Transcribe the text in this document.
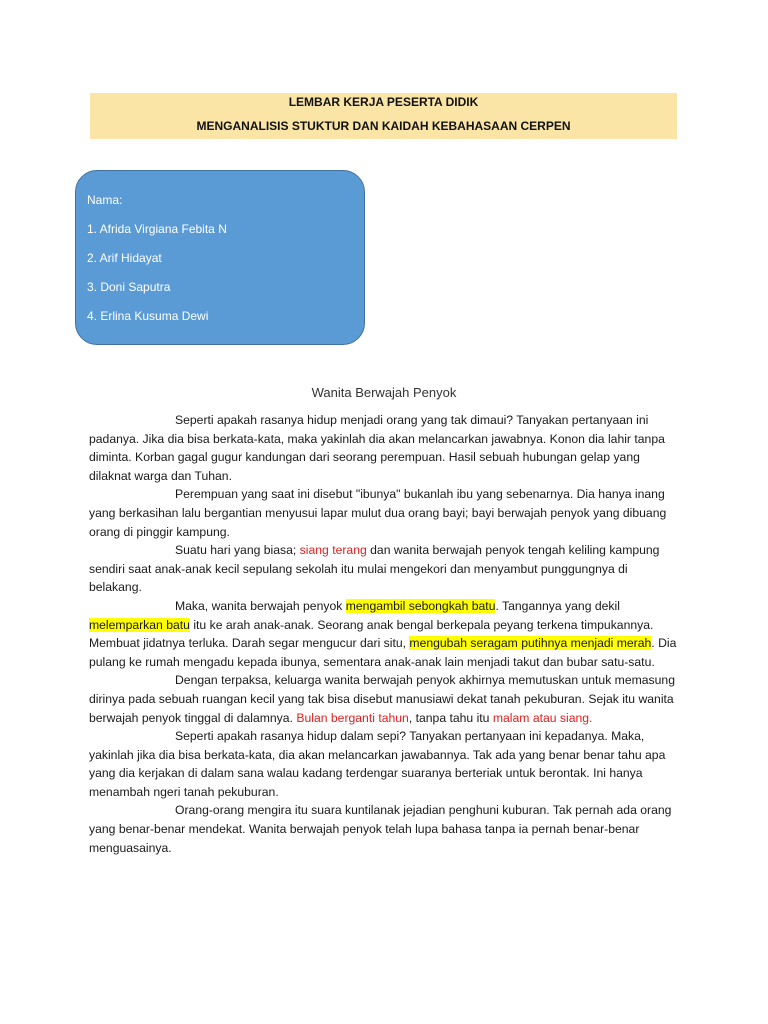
LEMBAR KERJA PESERTA DIDIK
MENGANALISIS STUKTUR DAN KAIDAH KEBAHASAAN CERPEN
Nama:
1. Afrida Virgiana Febita N
2. Arif Hidayat
3. Doni Saputra
4. Erlina Kusuma Dewi
Wanita Berwajah Penyok

Seperti apakah rasanya hidup menjadi orang yang tak dimaui? Tanyakan pertanyaan ini padanya. Jika dia bisa berkata-kata, maka yakinlah dia akan melancarkan jawabnya. Konon dia lahir tanpa diminta. Korban gagal gugur kandungan dari seorang perempuan. Hasil sebuah hubungan gelap yang dilaknat warga dan Tuhan.

Perempuan yang saat ini disebut "ibunya" bukanlah ibu yang sebenarnya. Dia hanya inang yang berkasihan lalu bergantian menyusui lapar mulut dua orang bayi; bayi berwajah penyok yang dibuang orang di pinggir kampung.

Suatu hari yang biasa; siang terang dan wanita berwajah penyok tengah keliling kampung sendiri saat anak-anak kecil sepulang sekolah itu mulai mengekori dan menyambut punggungnya di belakang.

Maka, wanita berwajah penyok mengambil sebongkah batu. Tangannya yang dekil melemparkan batu itu ke arah anak-anak. Seorang anak bengal berkepala peyang terkena timpukannya. Membuat jidatnya terluka. Darah segar mengucur dari situ, mengubah seragam putihnya menjadi merah. Dia pulang ke rumah mengadu kepada ibunya, sementara anak-anak lain menjadi takut dan bubar satu-satu.

Dengan terpaksa, keluarga wanita berwajah penyok akhirnya memutuskan untuk memasung dirinya pada sebuah ruangan kecil yang tak bisa disebut manusiawi dekat tanah pekuburan. Sejak itu wanita berwajah penyok tinggal di dalamnya. Bulan berganti tahun, tanpa tahu itu malam atau siang.

Seperti apakah rasanya hidup dalam sepi? Tanyakan pertanyaan ini kepadanya. Maka, yakinlah jika dia bisa berkata-kata, dia akan melancarkan jawabannya. Tak ada yang benar benar tahu apa yang dia kerjakan di dalam sana walau kadang terdengar suaranya berteriak untuk berontak. Ini hanya menambah ngeri tanah pekuburan.

Orang-orang mengira itu suara kuntilanak jejadian penghuni kuburan. Tak pernah ada orang yang benar-benar mendekat. Wanita berwajah penyok telah lupa bahasa tanpa ia pernah benar-benar menguasainya.
